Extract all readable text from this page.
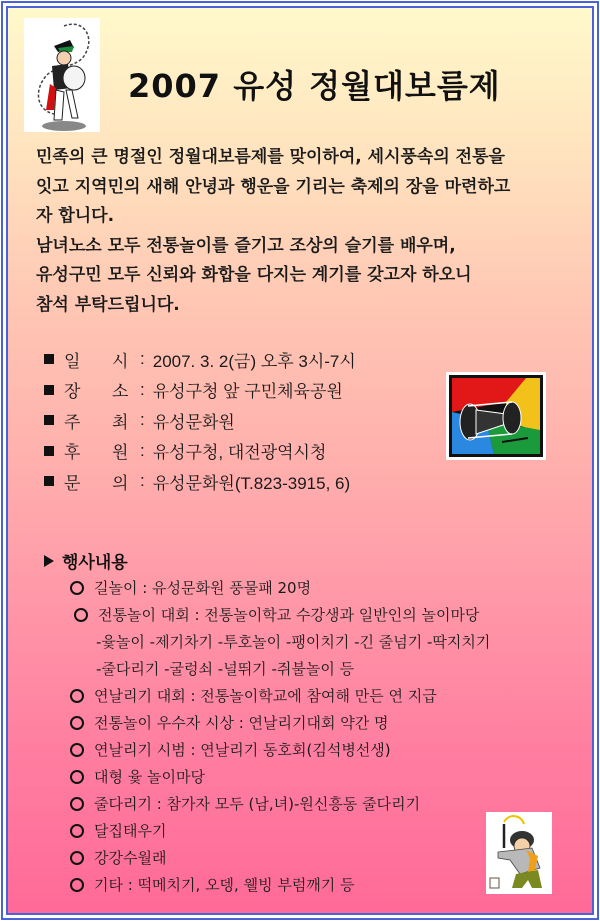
2007 유성 정월대보름제

민족의 큰 명절인 정월대보름제를 맞이하여, 세시풍속의 전통을

잇고 지역민의 새해 안녕과 행운을 기리는 축제의 장을 마련하고

자 합니다.

남녀노소 모두 전통놀이를 즐기고 조상의 슬기를 배우며,

유성구민 모두 신뢰와 화합을 다지는 계기를 갖고자 하오니

참석 부탁드립니다.

일	시 : 2007. 3. 2(금) 오후 3시-7시
장	소 : 유성구청 앞 구민체육공원
주	최 : 유성문화원
후	원 : 유성구청, 대전광역시청
문	의 : 유성문화원(T.823-3915, 6)
행사내용
길놀이 : 유성문화원 풍물패 20명
전통놀이 대회 : 전통놀이학교 수강생과 일반인의 놀이마당
-윷놀이 -제기차기 -투호놀이 -팽이치기 -긴 줄넘기 -딱지치기
-줄다리기 -굴렁쇠 -널뛰기 -쥐불놀이 등
연날리기 대회 : 전통놀이학교에 참여해 만든 연 지급
전통놀이 우수자 시상 : 연날리기대회 약간 명
연날리기 시범 : 연날리기 동호회(김석병선생)
대형 윷 놀이마당
줄다리기 : 참가자 모두 (남,녀)-원신흥동 줄다리기
달집태우기
강강수월래
기타 : 떡메치기, 오뎅, 웰빙 부럼깨기 등
